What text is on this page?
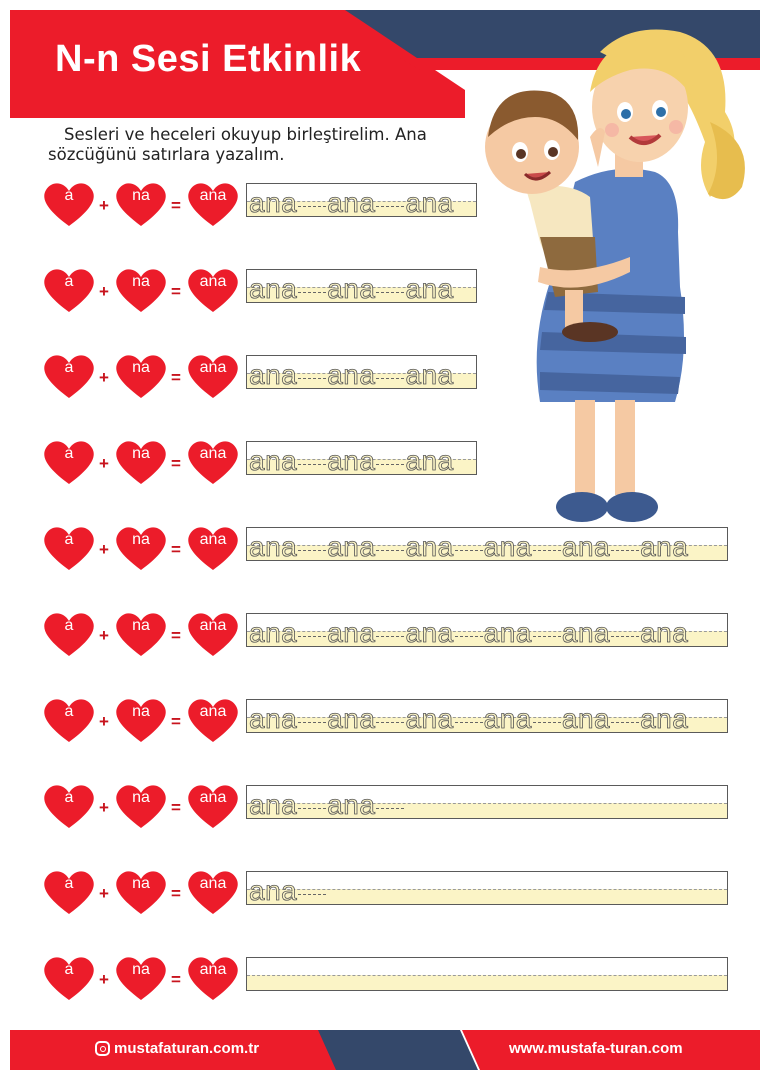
N-n Sesi Etkinlik
Sesleri ve heceleri okuyup birleştirelim. Ana
sözcüğünü satırlara yazalım.
a
+
na
=
ana ana ana ana
a
+
na
=
ana ana ana ana
a
+
na
=
ana ana ana ana
a
+
na
=
ana ana ana ana
a
+
na
=
ana ana ana ana ana ana ana
a
+
na
=
ana ana ana ana ana ana ana
a
+
na
=
ana ana ana ana ana ana ana
a
+
na
=
ana ana ana
a
+
na
=
ana ana
a
+
na
=
ana
mustafaturan.com.tr	www.mustafa-turan.com
